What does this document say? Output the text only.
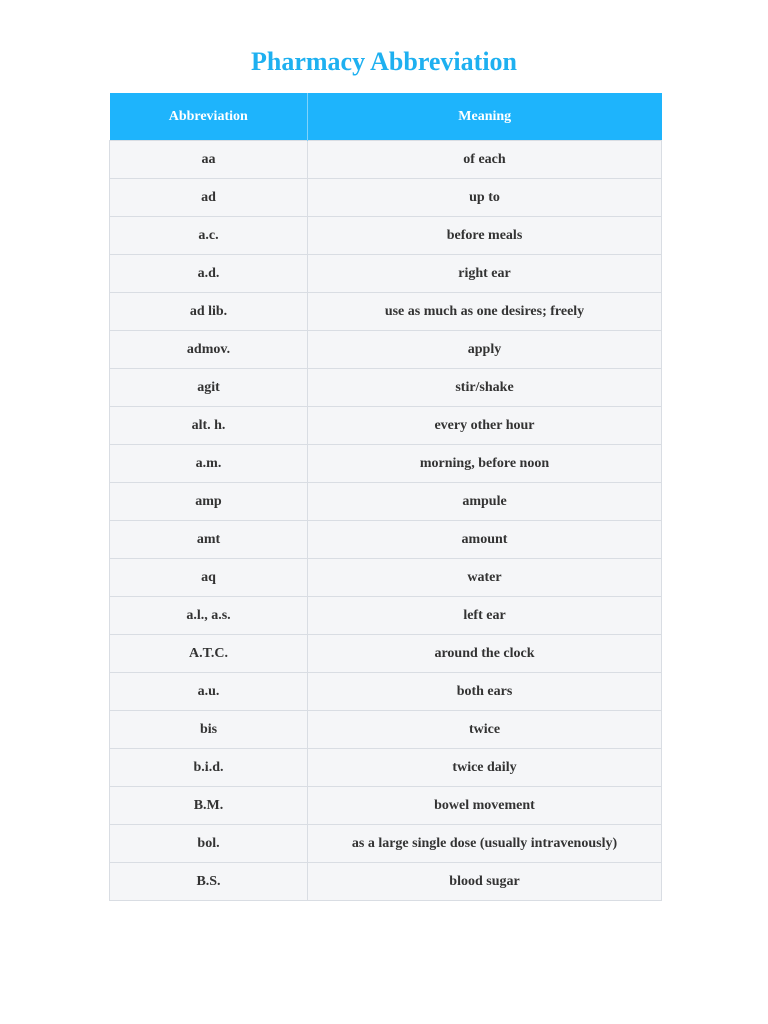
Pharmacy Abbreviation
Abbreviation	Meaning
aa	of each
ad	up to
a.c.	before meals
a.d.	right ear
ad lib.	use as much as one desires; freely
admov.	apply
agit	stir/shake
alt. h.	every other hour
a.m.	morning, before noon
amp	ampule
amt	amount
aq	water
a.l., a.s.	left ear
A.T.C.	around the clock
a.u.	both ears
bis	twice
b.i.d.	twice daily
B.M.	bowel movement
bol.	as a large single dose (usually intravenously)
B.S.	blood sugar
